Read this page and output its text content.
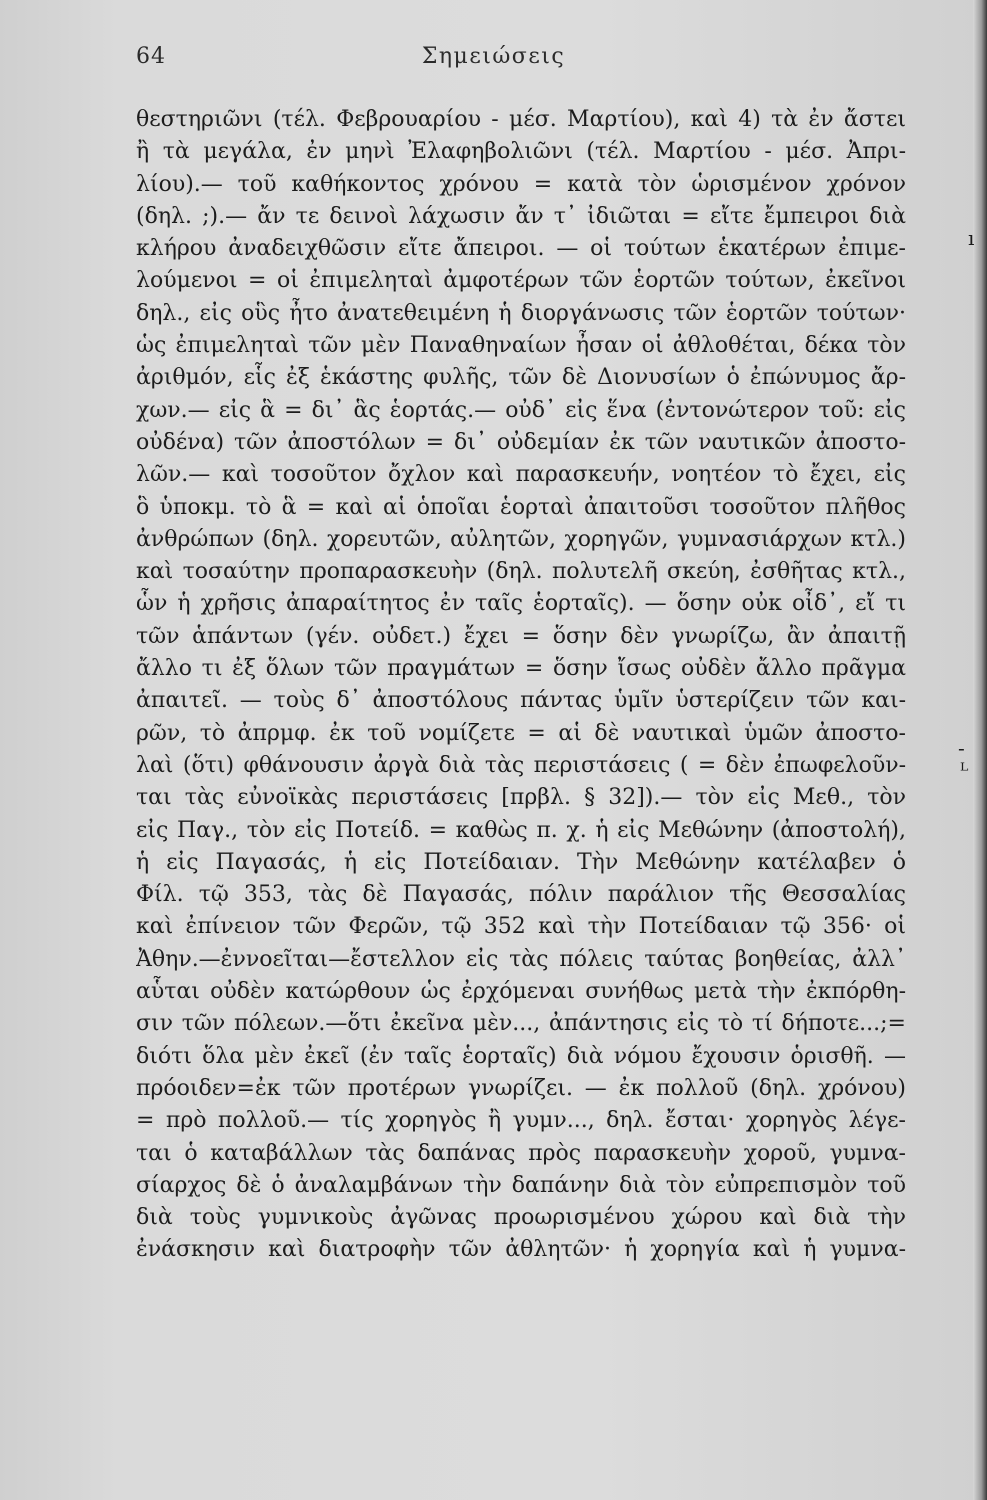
64	Σημειώσεις
ı
‐
ᴸ
θεστηριῶνι (τέλ. Φεβρουαρίου - μέσ. Μαρτίου), καὶ 4) τὰ ἐν ἄστει
ἢ τὰ μεγάλα, ἐν μηνὶ Ἐλαφηβολιῶνι (τέλ. Μαρτίου - μέσ. Ἀπρι-
λίου).— τοῦ καθήκοντος χρόνου = κατὰ τὸν ὡρισμένον χρόνον
(δηλ. ;).— ἄν τε δεινοὶ λάχωσιν ἄν τ᾽ ἰδιῶται = εἴτε ἔμπειροι διὰ
κλήρου ἀναδειχθῶσιν εἴτε ἄπειροι. — οἱ τούτων ἑκατέρων ἐπιμε-
λούμενοι = οἱ ἐπιμεληταὶ ἀμφοτέρων τῶν ἑορτῶν τούτων, ἐκεῖνοι
δηλ., εἰς οὓς ἦτο ἀνατεθειμένη ἡ διοργάνωσις τῶν ἑορτῶν τούτων·
ὡς ἐπιμεληταὶ τῶν μὲν Παναθηναίων ἦσαν οἱ ἀθλοθέται, δέκα τὸν
ἀριθμόν, εἷς ἐξ ἑκάστης φυλῆς, τῶν δὲ Διονυσίων ὁ ἐπώνυμος ἄρ-
χων.— εἰς ἃ = δι᾽ ἃς ἑορτάς.— οὐδ᾽ εἰς ἕνα (ἐντονώτερον τοῦ: εἰς
οὐδένα) τῶν ἀποστόλων = δι᾽ οὐδεμίαν ἐκ τῶν ναυτικῶν ἀποστο-
λῶν.— καὶ τοσοῦτον ὄχλον καὶ παρασκευήν, νοητέον τὸ ἔχει, εἰς
ὃ ὑποκμ. τὸ ἃ = καὶ αἱ ὁποῖαι ἑορταὶ ἀπαιτοῦσι τοσοῦτον πλῆθος
ἀνθρώπων (δηλ. χορευτῶν, αὐλητῶν, χορηγῶν, γυμνασιάρχων κτλ.)
καὶ τοσαύτην προπαρασκευὴν (δηλ. πολυτελῆ σκεύη, ἐσθῆτας κτλ.,
ὧν ἡ χρῆσις ἀπαραίτητος ἐν ταῖς ἑορταῖς). — ὅσην οὐκ οἶδ᾽, εἴ τι
τῶν ἁπάντων (γέν. οὐδετ.) ἔχει = ὅσην δὲν γνωρίζω, ἂν ἀπαιτῇ
ἄλλο τι ἐξ ὅλων τῶν πραγμάτων = ὅσην ἴσως οὐδὲν ἄλλο πρᾶγμα
ἀπαιτεῖ. — τοὺς δ᾽ ἀποστόλους πάντας ὑμῖν ὑστερίζειν τῶν και-
ρῶν, τὸ ἀπρμφ. ἐκ τοῦ νομίζετε = αἱ δὲ ναυτικαὶ ὑμῶν ἀποστο-
λαὶ (ὅτι) φθάνουσιν ἀργὰ διὰ τὰς περιστάσεις ( = δὲν ἐπωφελοῦν-
ται τὰς εὐνοϊκὰς περιστάσεις [πρβλ. § 32]).— τὸν εἰς Μεθ., τὸν
εἰς Παγ., τὸν εἰς Ποτείδ. = καθὼς π. χ. ἡ εἰς Μεθώνην (ἀποστολή),
ἡ εἰς Παγασάς, ἡ εἰς Ποτείδαιαν. Τὴν Μεθώνην κατέλαβεν ὁ
Φίλ. τῷ 353, τὰς δὲ Παγασάς, πόλιν παράλιον τῆς Θεσσαλίας
καὶ ἐπίνειον τῶν Φερῶν, τῷ 352 καὶ τὴν Ποτείδαιαν τῷ 356· οἱ
Ἀθην.—ἐννοεῖται—ἔστελλον εἰς τὰς πόλεις ταύτας βοηθείας, ἀλλ᾽
αὗται οὐδὲν κατώρθουν ὡς ἐρχόμεναι συνήθως μετὰ τὴν ἐκπόρθη-
σιν τῶν πόλεων.—ὅτι ἐκεῖνα μὲν..., ἀπάντησις εἰς τὸ τί δήποτε...;=
διότι ὅλα μὲν ἐκεῖ (ἐν ταῖς ἑορταῖς) διὰ νόμου ἔχουσιν ὁρισθῆ. —
πρόοιδεν=ἐκ τῶν προτέρων γνωρίζει. — ἐκ πολλοῦ (δηλ. χρόνου)
= πρὸ πολλοῦ.— τίς χορηγὸς ἢ γυμν..., δηλ. ἔσται· χορηγὸς λέγε-
ται ὁ καταβάλλων τὰς δαπάνας πρὸς παρασκευὴν χοροῦ, γυμνα-
σίαρχος δὲ ὁ ἀναλαμβάνων τὴν δαπάνην διὰ τὸν εὐπρεπισμὸν τοῦ
διὰ τοὺς γυμνικοὺς ἀγῶνας προωρισμένου χώρου καὶ διὰ τὴν
ἐνάσκησιν καὶ διατροφὴν τῶν ἀθλητῶν· ἡ χορηγία καὶ ἡ γυμνα-
